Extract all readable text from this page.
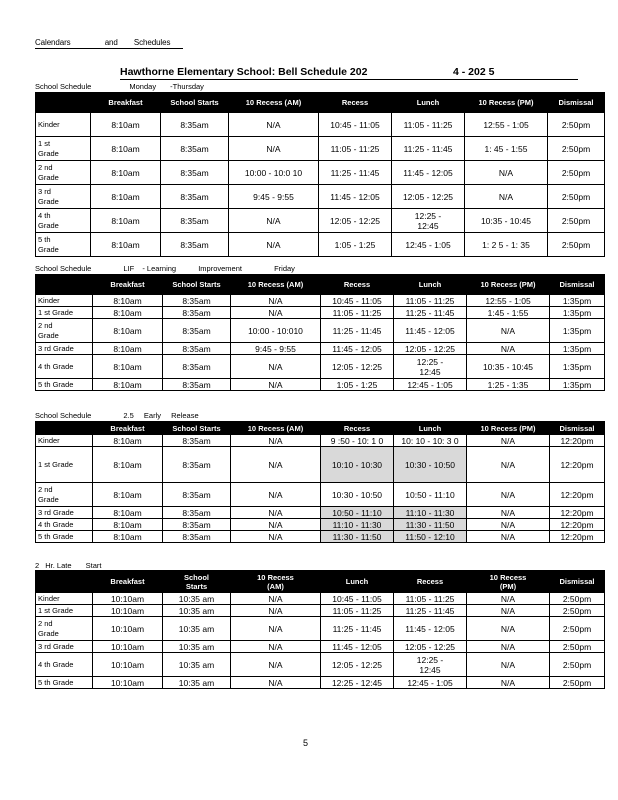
Calendars	and Schedules
Hawthorne Elementary School: Bell Schedule 202	4 - 202 5
School Schedule	Monday -Thursday
	Breakfast	School Starts	10 Recess (AM)	Recess	Lunch	10 Recess (PM)	Dismissal
Kinder	8:10am	8:35am	N/A	10:45 - 11:05	11:05 - 11:25	12:55 - 1:05	2:50pm
1 st
Grade	8:10am	8:35am	N/A	11:05 - 11:25	11:25 - 11:45	1: 45 - 1:55	2:50pm
2 nd
Grade	8:10am	8:35am	10:00 - 10:0 10	11:25 - 11:45	11:45 - 12:05	N/A	2:50pm
3 rd
Grade	8:10am	8:35am	9:45 - 9:55	11:45 - 12:05	12:05 - 12:25	N/A	2:50pm
4 th
Grade	8:10am	8:35am	N/A	12:05 - 12:25	12:25 -
12:45	10:35 - 10:45	2:50pm
5 th
Grade	8:10am	8:35am	N/A	1:05 - 1:25	12:45 - 1:05	1: 2 5 - 1: 35	2:50pm
School Schedule	LIF - Learning	Improvement	Friday
	Breakfast	School Starts	10 Recess (AM)	Recess	Lunch	10 Recess (PM)	Dismissal
Kinder	8:10am	8:35am	N/A	10:45 - 11:05	11:05 - 11:25	12:55 - 1:05	1:35pm
1 st Grade	8:10am	8:35am	N/A	11:05 - 11:25	11:25 - 11:45	1:45 - 1:55	1:35pm
2 nd
Grade	8:10am	8:35am	10:00 - 10:010	11:25 - 11:45	11:45 - 12:05	N/A	1:35pm
3 rd Grade	8:10am	8:35am	9:45 - 9:55	11:45 - 12:05	12:05 - 12:25	N/A	1:35pm
4 th Grade	8:10am	8:35am	N/A	12:05 - 12:25	12:25 -
12:45	10:35 - 10:45	1:35pm
5 th Grade	8:10am	8:35am	N/A	1:05 - 1:25	12:45 - 1:05	1:25 - 1:35	1:35pm
School Schedule	2.5 Early Release
	Breakfast	School Starts	10 Recess (AM)	Recess	Lunch	10 Recess (PM)	Dismissal
Kinder	8:10am	8:35am	N/A	9 :50 - 10: 1 0	10: 10 - 10: 3 0	N/A	12:20pm
1 st Grade	8:10am	8:35am	N/A	10:10 - 10:30	10:30 - 10:50	N/A	12:20pm
2 nd
Grade	8:10am	8:35am	N/A	10:30 - 10:50	10:50 - 11:10	N/A	12:20pm
3 rd Grade	8:10am	8:35am	N/A	10:50 - 11:10	11:10 - 11:30	N/A	12:20pm
4 th Grade	8:10am	8:35am	N/A	11:10 - 11:30	11:30 - 11:50	N/A	12:20pm
5 th Grade	8:10am	8:35am	N/A	11:30 - 11:50	11:50 - 12:10	N/A	12:20pm
2 Hr. Late Start
	Breakfast	School
Starts	10 Recess
(AM)	Lunch	Recess	10 Recess
(PM)	Dismissal
Kinder	10:10am	10:35 am	N/A	10:45 - 11:05	11:05 - 11:25	N/A	2:50pm
1 st Grade	10:10am	10:35 am	N/A	11:05 - 11:25	11:25 - 11:45	N/A	2:50pm
2 nd
Grade	10:10am	10:35 am	N/A	11:25 - 11:45	11:45 - 12:05	N/A	2:50pm
3 rd Grade	10:10am	10:35 am	N/A	11:45 - 12:05	12:05 - 12:25	N/A	2:50pm
4 th Grade	10:10am	10:35 am	N/A	12:05 - 12:25	12:25 -
12:45	N/A	2:50pm
5 th Grade	10:10am	10:35 am	N/A	12:25 - 12:45	12:45 - 1:05	N/A	2:50pm
5
